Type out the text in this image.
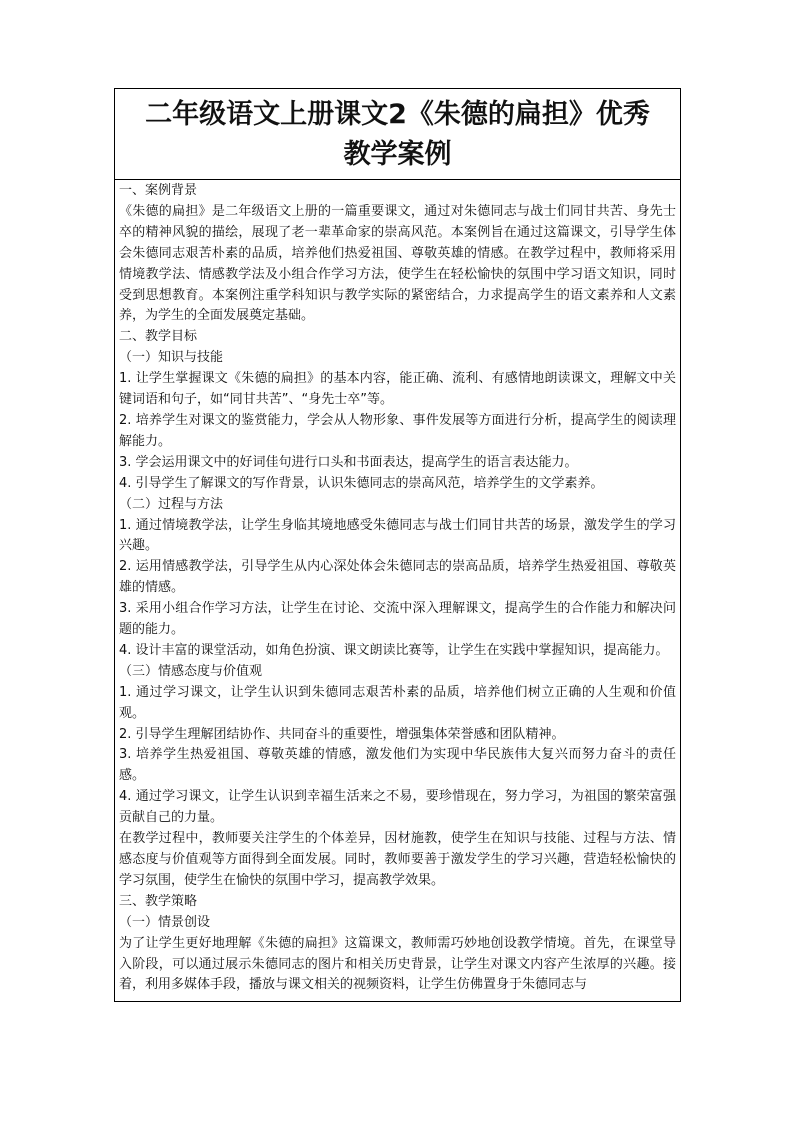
二年级语文上册课文2《朱德的扁担》优秀

教学案例

一、案例背景

《朱德的扁担》是二年级语文上册的一篇重要课文，通过对朱德同志与战士们同甘共苦、身先士卒的精神风貌的描绘，展现了老一辈革命家的崇高风范。本案例旨在通过这篇课文，引导学生体会朱德同志艰苦朴素的品质，培养他们热爱祖国、尊敬英雄的情感。在教学过程中，教师将采用情境教学法、情感教学法及小组合作学习方法，使学生在轻松愉快的氛围中学习语文知识，同时受到思想教育。本案例注重学科知识与教学实际的紧密结合，力求提高学生的语文素养和人文素养，为学生的全面发展奠定基础。

二、教学目标

（一）知识与技能

1. 让学生掌握课文《朱德的扁担》的基本内容，能正确、流利、有感情地朗读课文，理解文中关键词语和句子，如“同甘共苦”、“身先士卒”等。

2. 培养学生对课文的鉴赏能力，学会从人物形象、事件发展等方面进行分析，提高学生的阅读理解能力。

3. 学会运用课文中的好词佳句进行口头和书面表达，提高学生的语言表达能力。

4. 引导学生了解课文的写作背景，认识朱德同志的崇高风范，培养学生的文学素养。

（二）过程与方法

1. 通过情境教学法，让学生身临其境地感受朱德同志与战士们同甘共苦的场景，激发学生的学习兴趣。

2. 运用情感教学法，引导学生从内心深处体会朱德同志的崇高品质，培养学生热爱祖国、尊敬英雄的情感。

3. 采用小组合作学习方法，让学生在讨论、交流中深入理解课文，提高学生的合作能力和解决问题的能力。

4. 设计丰富的课堂活动，如角色扮演、课文朗读比赛等，让学生在实践中掌握知识，提高能力。

（三）情感态度与价值观

1. 通过学习课文，让学生认识到朱德同志艰苦朴素的品质，培养他们树立正确的人生观和价值观。

2. 引导学生理解团结协作、共同奋斗的重要性，增强集体荣誉感和团队精神。

3. 培养学生热爱祖国、尊敬英雄的情感，激发他们为实现中华民族伟大复兴而努力奋斗的责任感。

4. 通过学习课文，让学生认识到幸福生活来之不易，要珍惜现在，努力学习，为祖国的繁荣富强贡献自己的力量。

在教学过程中，教师要关注学生的个体差异，因材施教，使学生在知识与技能、过程与方法、情感态度与价值观等方面得到全面发展。同时，教师要善于激发学生的学习兴趣，营造轻松愉快的学习氛围，使学生在愉快的氛围中学习，提高教学效果。

三、教学策略

（一）情景创设

为了让学生更好地理解《朱德的扁担》这篇课文，教师需巧妙地创设教学情境。首先，在课堂导入阶段，可以通过展示朱德同志的图片和相关历史背景，让学生对课文内容产生浓厚的兴趣。接着，利用多媒体手段，播放与课文相关的视频资料，让学生仿佛置身于朱德同志与
